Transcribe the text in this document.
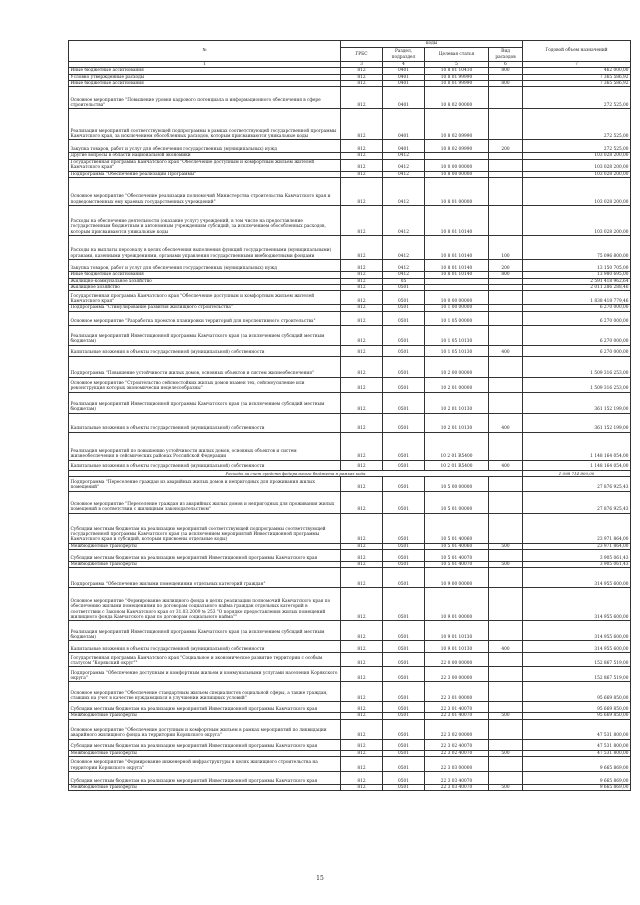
№	коды				Годовой объем назначений
	ГРБС	Раздел, подраздел	Целевая статья	Вид расходов	
1	3	4	5	6	7
Иные бюджетные ассигнования	812	0401	10 8 01 10410	800	462 000,00
Условно утвержденные расходы	812	0401	10 8 01 99990		7 365 586,92
Иные бюджетные ассигнования	812	0401	10 8 01 99990	800	7 365 586,92
Основное мероприятие "Повышение уровня кадрового потенциала и информационного обеспечения в сфере строительства"	812	0401	10 8 02 00000		272 525,00
Реализация мероприятий соответствующей подпрограммы в рамках соответствующей государственной программы Камчатского края, за исключением обособленных расходов, которым присваиваются уникальные коды	812	0401	10 8 02 09990		272 525,00
Закупка товаров, работ и услуг для обеспечения государственных (муниципальных) нужд	812	0401	10 8 02 09990	200	272 525,00
Другие вопросы в области национальной экономики	812	0412			103 028 200,00
Государственная программа Камчатского края "Обеспечение доступным и комфортным жильем жителей Камчатского края"	812	0412	10 0 00 00000		103 028 200,00
Подпрограмма "Обеспечение реализации Программы"	812	0412	10 8 00 00000		103 028 200,00
Основное мероприятие "Обеспечение реализации полномочий Министерства строительства Камчатского края и подведомственных ему краевых государственных учреждений"	812	0412	10 8 01 00000		103 028 200,00
Расходы на обеспечение деятельности (оказание услуг) учреждений, в том числе на предоставление государственным бюджетным и автономным учреждениям субсидий, за исключением обособленных расходов, которым присваиваются уникальные коды	812	0412	10 8 01 10140		103 028 200,00
Расходы на выплаты персоналу в целях обеспечения выполнения функций государственными (муниципальными) органами, казенными учреждениями, органами управления государственными внебюджетными фондами	812	0412	10 8 01 10140	100	75 096 800,00
Закупка товаров, работ и услуг для обеспечения государственных (муниципальных) нужд	812	0412	10 8 01 10140	200	13 150 705,00
Иные бюджетные ассигнования	812	0412	10 8 01 10140	800	13 980 695,00
Жилищно-коммунальное хозяйство	812	05			2 591 418 962,64
Жилищное хозяйство	812	0501			2 011 286 288,46
Государственная программа Камчатского края "Обеспечение доступным и комфортным жильем жителей Камчатского края"	812	0501	10 0 00 00000		1 838 418 779,46
Подпрограмма "Стимулирование развития жилищного строительства"	812	0501	10 1 00 00000		6 270 000,00
Основное мероприятие "Разработка проектов планировки территорий для перспективного строительства"	812	0501	10 1 05 00000		6 270 000,00
Реализация мероприятий Инвестиционной программы Камчатского края (за исключением субсидий местным бюджетам)	812	0501	10 1 05 10130		6 270 000,00
Капитальные вложения в объекты государственной (муниципальной) собственности	812	0501	10 1 05 10130	400	6 270 000,00
Подпрограмма "Повышение устойчивости жилых домов, основных объектов и систем жизнеобеспечения"	812	0501	10 2 00 00000		1 509 316 253,00
Основное мероприятие "Строительство сейсмостойких жилых домов взамен тех, сейсмоусиление или реконструкция которых экономически нецелесообразны"	812	0501	10 2 01 00000		1 509 316 253,00
Реализация мероприятий Инвестиционной программы Камчатского края (за исключением субсидий местным бюджетам)	812	0501	10 2 01 10130		361 152 199,00
Капитальные вложения в объекты государственной (муниципальной) собственности	812	0501	10 2 01 10130	400	361 152 199,00
Реализация мероприятий по повышению устойчивости жилых домов, основных объектов и систем жизнеобеспечения в сейсмических районах Российской Федерации	812	0501	10 2 01 R5400		1 148 164 054,00
Капитальные вложения в объекты государственной (муниципальной) собственности	812	0501	10 2 01 R5400	400	1 148 164 054,00
Расходы за счет средств федерального бюджета в рамках кода					1 098 714 800,00
Подпрограмма "Переселение граждан из аварийных жилых домов и непригодных для проживания жилых помещений"	812	0501	10 5 00 00000		27 876 925,43
Основное мероприятие "Переселение граждан из аварийных жилых домов и непригодных для проживания жилых помещений в соответствии с жилищным законодательством"	812	0501	10 5 01 00000		27 876 925,43
Субсидии местным бюджетам на реализацию мероприятий соответствующей подпрограммы соответствующей государственной программы Камчатского края (за исключением мероприятий Инвестиционной программы Камчатского края и субсидий, которым присвоены отдельные коды)	812	0501	10 5 01 40060		23 971 864,00
Межбюджетные трансферты	812	0501	10 5 01 40060	500	23 971 864,00
Субсидии местным бюджетам на реализацию мероприятий Инвестиционной программы Камчатского края	812	0501	10 5 01 40070		3 905 061,43
Межбюджетные трансферты	812	0501	10 5 01 40070	500	3 905 061,43
Подпрограмма "Обеспечение жилыми помещениями отдельных категорий граждан"	812	0501	10 9 00 00000		314 955 600,00
Основное мероприятие "Формирование жилищного фонда в целях реализации полномочий Камчатского края по обеспечению жилыми помещениями по договорам социального найма граждан отдельных категорий в соответствии с Законом Камчатского края от 31.03.2009 № 253 "О порядке предоставления жилых помещений жилищного фонда Камчатского края по договорам социального найма""	812	0501	10 9 01 00000		314 955 600,00
Реализация мероприятий Инвестиционной программы Камчатского края (за исключением субсидий местным бюджетам)	812	0501	10 9 01 10130		314 955 600,00
Капитальные вложения в объекты государственной (муниципальной) собственности	812	0501	10 9 01 10130	400	314 955 600,00
Государственная программа Камчатского края "Социальное и экономическое развитие территории с особым статусом "Корякский округ""	812	0501	22 0 00 00000		152 867 519,00
Подпрограмма "Обеспечение доступным и комфортным жильем и коммунальными услугами населения Корякского округа"	812	0501	22 3 00 00000		152 867 519,00
Основное мероприятие "Обеспечение стандартным жильем специалистов социальной сферы, а также граждан, ставших на учет в качестве нуждающихся в улучшении жилищных условий"	812	0501	22 3 01 00000		95 669 850,00
Субсидии местным бюджетам на реализацию мероприятий Инвестиционной программы Камчатского края	812	0501	22 3 01 40070		95 669 850,00
Межбюджетные трансферты	812	0501	22 3 01 40070	500	95 669 850,00
Основное мероприятие "Обеспечение доступным и комфортным жильем в рамках мероприятий по ликвидации аварийного жилищного фонда на территории Корякского округа"	812	0501	22 3 02 00000		47 531 800,00
Субсидии местным бюджетам на реализацию мероприятий Инвестиционной программы Камчатского края	812	0501	22 3 02 40070		47 531 800,00
Межбюджетные трансферты	812	0501	22 3 02 40070	500	47 531 800,00
Основное мероприятие "Формирование инженерной инфраструктуры в целях жилищного строительства на территории Корякского округа"	812	0501	22 3 03 00000		9 665 869,00
Субсидии местным бюджетам на реализацию мероприятий Инвестиционной программы Камчатского края	812	0501	22 3 03 40070		9 665 869,00
Межбюджетные трансферты	812	0501	22 3 03 40070	500	9 665 869,00
15
